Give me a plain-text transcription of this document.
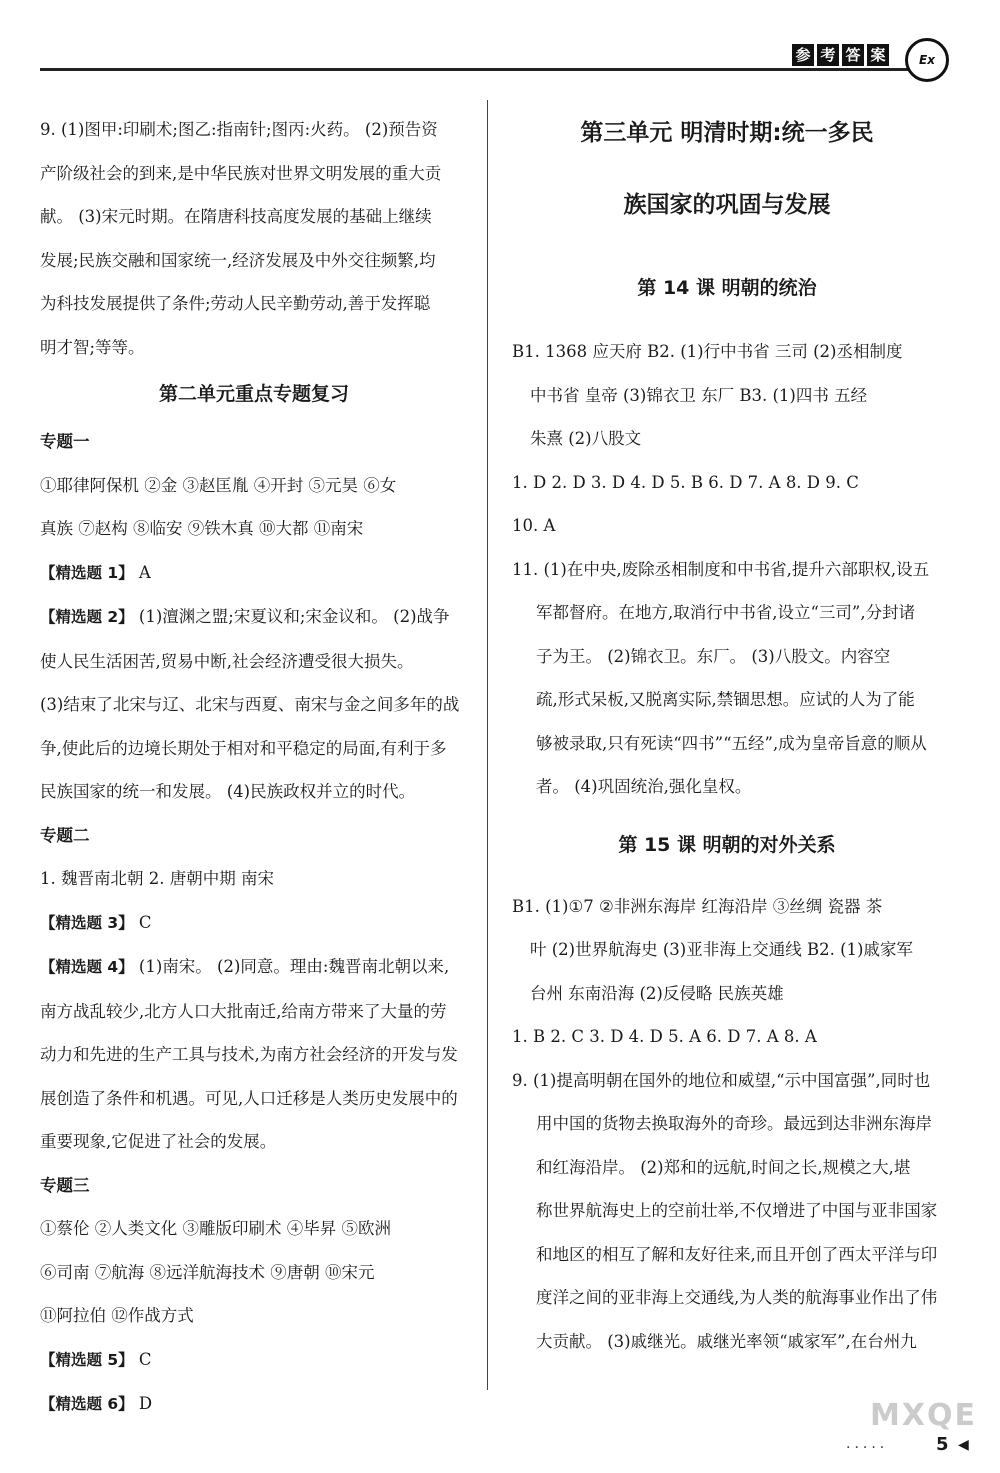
参 考 答 案	Ex

9. (1)图甲:印刷术;图乙:指南针;图丙:火药。 (2)预告资

产阶级社会的到来,是中华民族对世界文明发展的重大贡

献。 (3)宋元时期。在隋唐科技高度发展的基础上继续

发展;民族交融和国家统一,经济发展及中外交往频繁,均

为科技发展提供了条件;劳动人民辛勤劳动,善于发挥聪

明才智;等等。

第二单元重点专题复习

专题一

①耶律阿保机 ②金 ③赵匡胤 ④开封 ⑤元昊 ⑥女

真族 ⑦赵构 ⑧临安 ⑨铁木真 ⑩大都 ⑪南宋

【精选题 1】 A

【精选题 2】 (1)澶渊之盟;宋夏议和;宋金议和。 (2)战争

使人民生活困苦,贸易中断,社会经济遭受很大损失。

(3)结束了北宋与辽、北宋与西夏、南宋与金之间多年的战

争,使此后的边境长期处于相对和平稳定的局面,有利于多

民族国家的统一和发展。 (4)民族政权并立的时代。

专题二

1. 魏晋南北朝 2. 唐朝中期 南宋

【精选题 3】 C

【精选题 4】 (1)南宋。 (2)同意。理由:魏晋南北朝以来,

南方战乱较少,北方人口大批南迁,给南方带来了大量的劳

动力和先进的生产工具与技术,为南方社会经济的开发与发

展创造了条件和机遇。可见,人口迁移是人类历史发展中的

重要现象,它促进了社会的发展。

专题三

①蔡伦 ②人类文化 ③雕版印刷术 ④毕昇 ⑤欧洲

⑥司南 ⑦航海 ⑧远洋航海技术 ⑨唐朝 ⑩宋元

⑪阿拉伯 ⑫作战方式

【精选题 5】 C

【精选题 6】 D

第三单元 明清时期:统一多民

族国家的巩固与发展

第 14 课 明朝的统治

B1. 1368 应天府 B2. (1)行中书省 三司 (2)丞相制度

中书省 皇帝 (3)锦衣卫 东厂 B3. (1)四书 五经

朱熹 (2)八股文

1. D 2. D 3. D 4. D 5. B 6. D 7. A 8. D 9. C

10. A

11. (1)在中央,废除丞相制度和中书省,提升六部职权,设五

军都督府。在地方,取消行中书省,设立“三司”,分封诸

子为王。 (2)锦衣卫。东厂。 (3)八股文。内容空

疏,形式呆板,又脱离实际,禁锢思想。应试的人为了能

够被录取,只有死读“四书”“五经”,成为皇帝旨意的顺从

者。 (4)巩固统治,强化皇权。

第 15 课 明朝的对外关系

B1. (1)①7 ②非洲东海岸 红海沿岸 ③丝绸 瓷器 茶

叶 (2)世界航海史 (3)亚非海上交通线 B2. (1)戚家军

台州 东南沿海 (2)反侵略 民族英雄

1. B 2. C 3. D 4. D 5. A 6. D 7. A 8. A

9. (1)提高明朝在国外的地位和威望,“示中国富强”,同时也

用中国的货物去换取海外的奇珍。最远到达非洲东海岸

和红海沿岸。 (2)郑和的远航,时间之长,规模之大,堪

称世界航海史上的空前壮举,不仅增进了中国与亚非国家

和地区的相互了解和友好往来,而且开创了西太平洋与印

度洋之间的亚非海上交通线,为人类的航海事业作出了伟

大贡献。 (3)戚继光。戚继光率领“戚家军”,在台州九

MXQE
·····	5 ◀
